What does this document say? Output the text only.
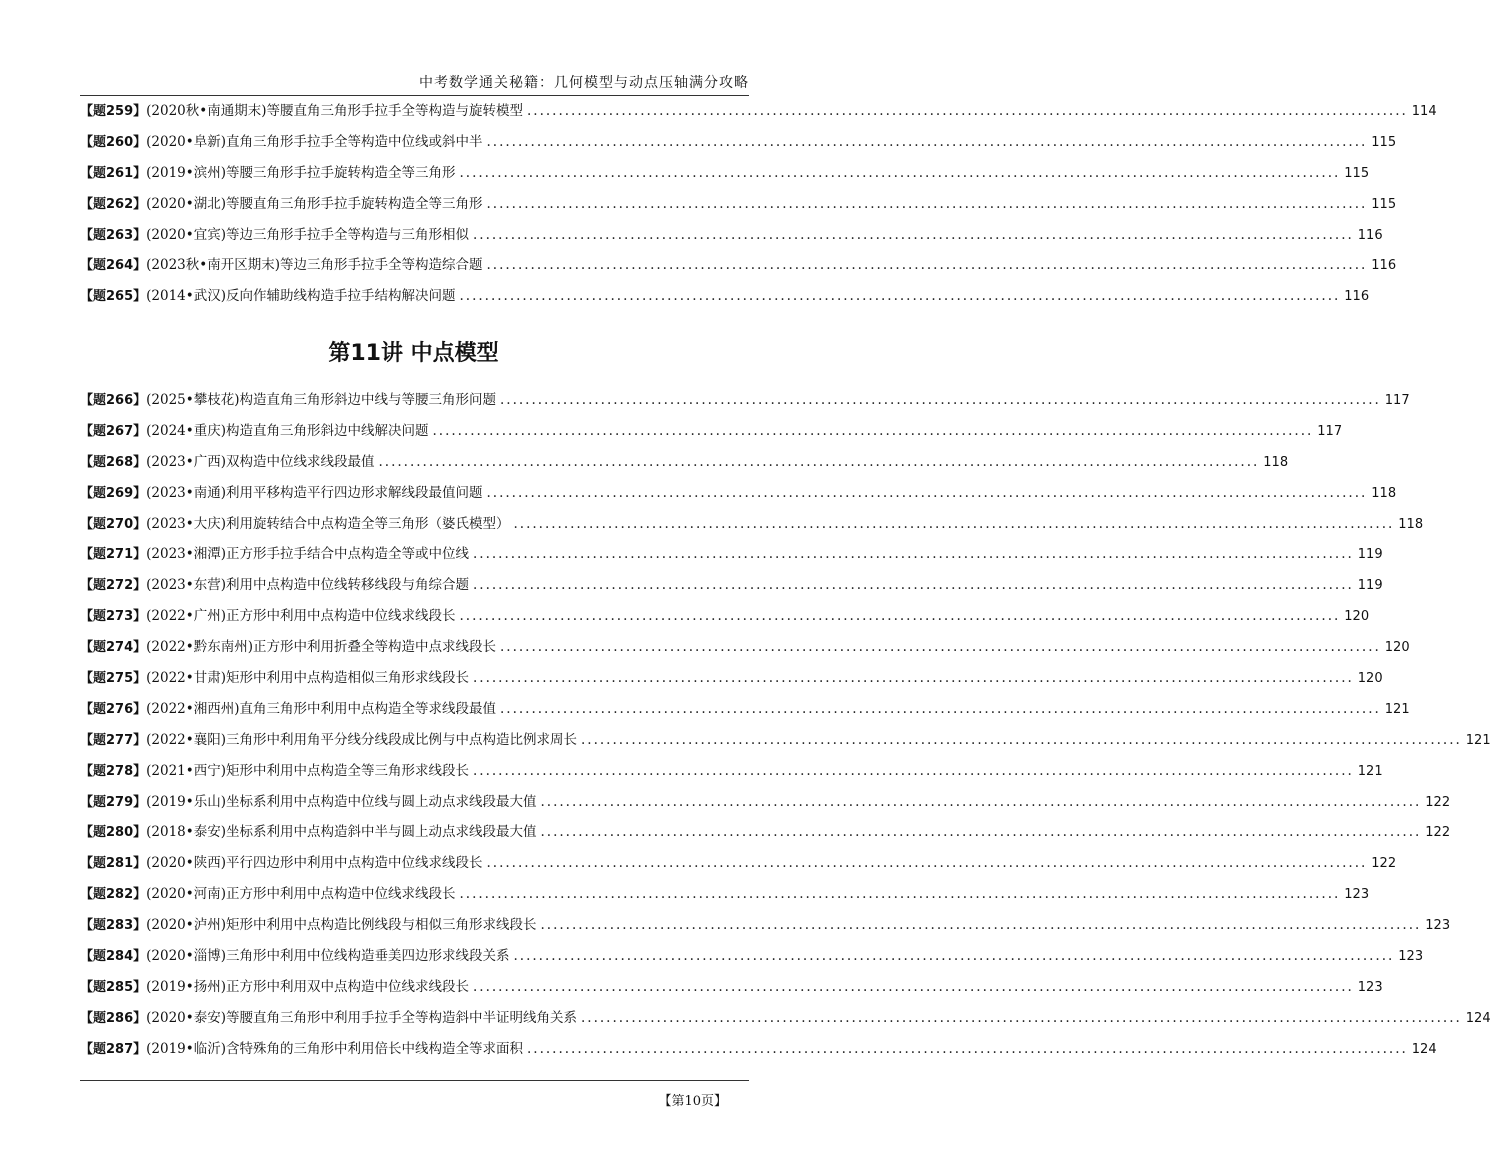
中考数学通关秘籍：几何模型与动点压轴满分攻略
【题259】 (2020秋•南通期末)等腰直角三角形手拉手全等构造与旋转模型 .....	114
【题260】 (2020•阜新)直角三角形手拉手全等构造中位线或斜中半 .....	115
【题261】 (2019•滨州)等腰三角形手拉手旋转构造全等三角形 .....	115
【题262】 (2020•湖北)等腰直角三角形手拉手旋转构造全等三角形 .....	115
【题263】 (2020•宜宾)等边三角形手拉手全等构造与三角形相似 .....	116
【题264】 (2023秋•南开区期末)等边三角形手拉手全等构造综合题 .....	116
【题265】 (2014•武汉)反向作辅助线构造手拉手结构解决问题 .....	116
第11讲 中点模型
【题266】 (2025•攀枝花)构造直角三角形斜边中线与等腰三角形问题 .....	117
【题267】 (2024•重庆)构造直角三角形斜边中线解决问题 .....	117
【题268】 (2023•广西)双构造中位线求线段最值 .....	118
【题269】 (2023•南通)利用平移构造平行四边形求解线段最值问题 .....	118
【题270】 (2023•大庆)利用旋转结合中点构造全等三角形（婆氏模型） .....	118
【题271】 (2023•湘潭)正方形手拉手结合中点构造全等或中位线 .....	119
【题272】 (2023•东营)利用中点构造中位线转移线段与角综合题 .....	119
【题273】 (2022•广州)正方形中利用中点构造中位线求线段长 .....	120
【题274】 (2022•黔东南州)正方形中利用折叠全等构造中点求线段长 .....	120
【题275】 (2022•甘肃)矩形中利用中点构造相似三角形求线段长 .....	120
【题276】 (2022•湘西州)直角三角形中利用中点构造全等求线段最值 .....	121
【题277】 (2022•襄阳)三角形中利用角平分线分线段成比例与中点构造比例求周长 .....	121
【题278】 (2021•西宁)矩形中利用中点构造全等三角形求线段长 .....	121
【题279】 (2019•乐山)坐标系利用中点构造中位线与圆上动点求线段最大值 .....	122
【题280】 (2018•泰安)坐标系利用中点构造斜中半与圆上动点求线段最大值 .....	122
【题281】 (2020•陕西)平行四边形中利用中点构造中位线求线段长 .....	122
【题282】 (2020•河南)正方形中利用中点构造中位线求线段长 .....	123
【题283】 (2020•泸州)矩形中利用中点构造比例线段与相似三角形求线段长 .....	123
【题284】 (2020•淄博)三角形中利用中位线构造垂美四边形求线段关系 .....	123
【题285】 (2019•扬州)正方形中利用双中点构造中位线求线段长 .....	123
【题286】 (2020•泰安)等腰直角三角形中利用手拉手全等构造斜中半证明线角关系 .....	124
【题287】 (2019•临沂)含特殊角的三角形中利用倍长中线构造全等求面积 .....	124
【第10页】
